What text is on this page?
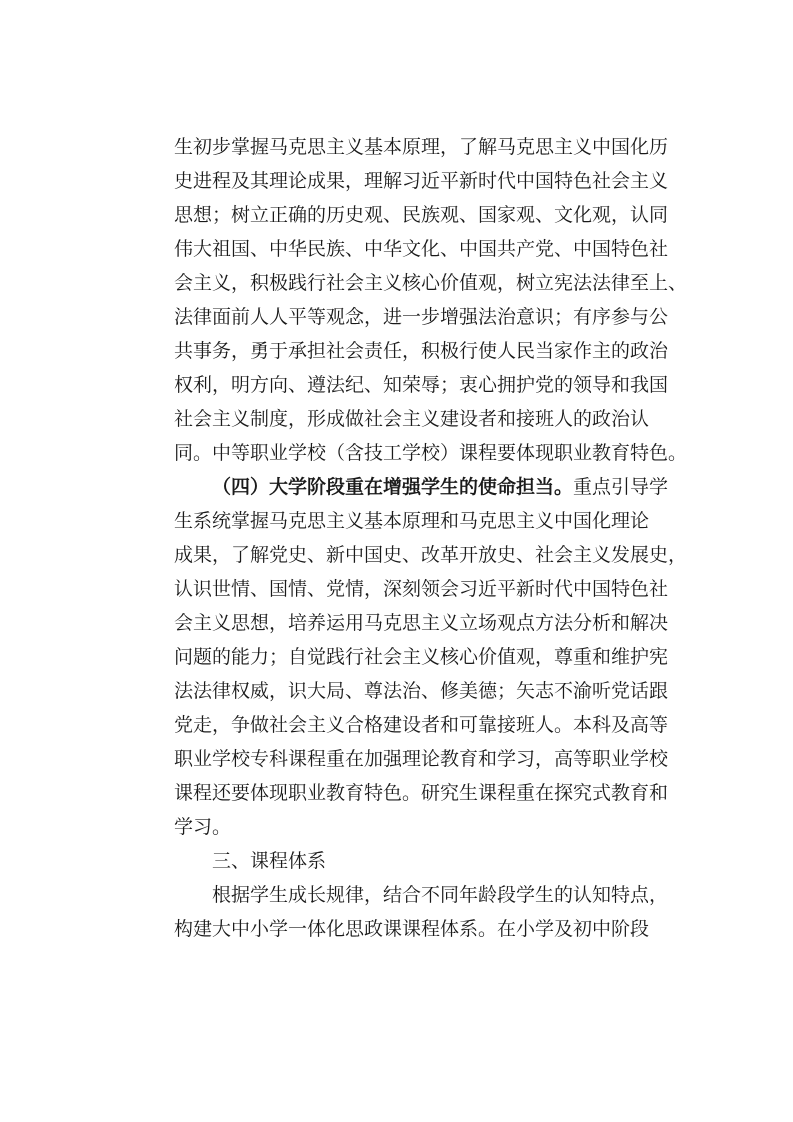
生初步掌握马克思主义基本原理，了解马克思主义中国化历
史进程及其理论成果，理解习近平新时代中国特色社会主义
思想；树立正确的历史观、民族观、国家观、文化观，认同
伟大祖国、中华民族、中华文化、中国共产党、中国特色社
会主义，积极践行社会主义核心价值观，树立宪法法律至上、
法律面前人人平等观念，进一步增强法治意识；有序参与公
共事务，勇于承担社会责任，积极行使人民当家作主的政治
权利，明方向、遵法纪、知荣辱；衷心拥护党的领导和我国
社会主义制度，形成做社会主义建设者和接班人的政治认
同。中等职业学校（含技工学校）课程要体现职业教育特色。
（四）大学阶段重在增强学生的使命担当。重点引导学
生系统掌握马克思主义基本原理和马克思主义中国化理论
成果，了解党史、新中国史、改革开放史、社会主义发展史，
认识世情、国情、党情，深刻领会习近平新时代中国特色社
会主义思想，培养运用马克思主义立场观点方法分析和解决
问题的能力；自觉践行社会主义核心价值观，尊重和维护宪
法法律权威，识大局、尊法治、修美德；矢志不渝听党话跟
党走，争做社会主义合格建设者和可靠接班人。本科及高等
职业学校专科课程重在加强理论教育和学习，高等职业学校
课程还要体现职业教育特色。研究生课程重在探究式教育和
学习。
三、课程体系
根据学生成长规律，结合不同年龄段学生的认知特点，
构建大中小学一体化思政课课程体系。在小学及初中阶段
